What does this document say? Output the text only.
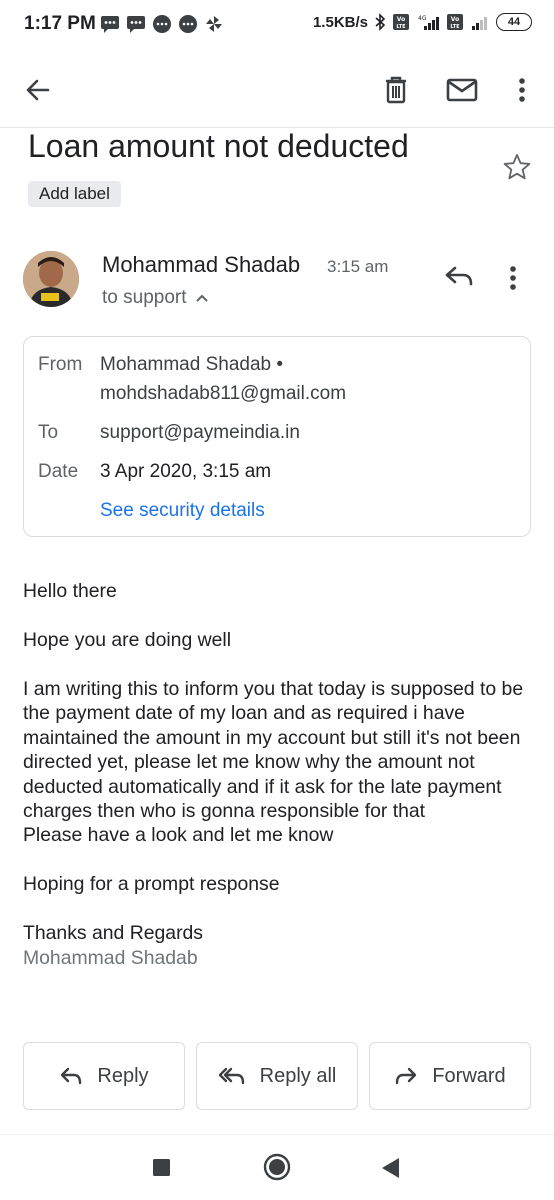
1:17 PM	1.5KB/s	Vo
LTE
4G	Vo
LTE	44
Loan amount not deducted
Add label
Mohammad Shadab 3:15 am
to support
From Mohammad Shadab •
mohdshadab811@gmail.com
To support@paymeindia.in
Date 3 Apr 2020, 3:15 am
See security details

Hello there

Hope you are doing well

I am writing this to inform you that today is supposed to be the payment date of my loan and as required i have maintained the amount in my account but still it's not been directed yet, please let me know why the amount not deducted automatically and if it ask for the late payment charges then who is gonna responsible for that

Please have a look and let me know

Hoping for a prompt response

Thanks and Regards
Mohammad Shadab
Reply	Reply all	Forward
